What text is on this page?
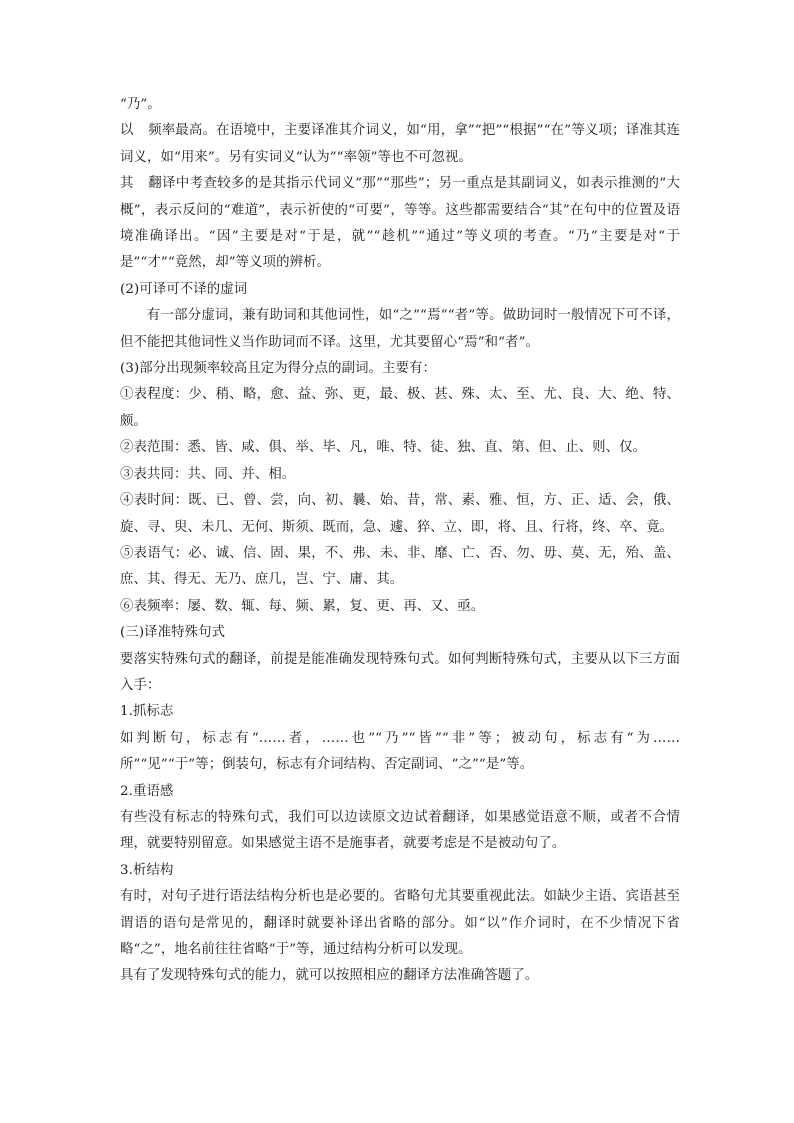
“乃”。

以 频率最高。在语境中，主要译准其介词义，如“用，拿”“把”“根据”“在”等义项；译准其连词义，如“用来”。另有实词义“认为”“率领”等也不可忽视。

其 翻译中考查较多的是其指示代词义“那”“那些”；另一重点是其副词义，如表示推测的“大概”，表示反问的“难道”，表示祈使的“可要”，等等。这些都需要结合“其”在句中的位置及语境准确译出。“因”主要是对“于是，就”“趁机”“通过”等义项的考查。“乃”主要是对“于是”“才”“竟然，却”等义项的辨析。

(2)可译可不译的虚词

有一部分虚词，兼有助词和其他词性，如“之”“焉”“者”等。做助词时一般情况下可不译，但不能把其他词性义当作助词而不译。这里，尤其要留心“焉”和“者”。

(3)部分出现频率较高且定为得分点的副词。主要有：

①表程度：少、稍、略，愈、益、弥、更，最、极、甚、殊、太、至、尤、良、大、绝、特、颇。

②表范围：悉、皆、咸、俱、举、毕、凡，唯、特、徒、独、直、第、但、止、则、仅。

③表共同：共、同、并、相。

④表时间：既、已、曾、尝，向、初、曩、始、昔，常、素、雅、恒，方、正、适、会，俄、旋、寻、臾、未几、无何、斯须、既而，急、遽、猝、立、即，将、且、行将，终、卒、竟。

⑤表语气：必、诚、信、固、果，不、弗、未、非、靡、亡、否、勿、毋、莫、无，殆、盖、庶、其、得无、无乃、庶几，岂、宁、庸、其。

⑥表频率：屡、数、辄、每、频、累，复、更、再、又、亟。

(三)译准特殊句式

要落实特殊句式的翻译，前提是能准确发现特殊句式。如何判断特殊句式，主要从以下三方面入手：

1.抓标志

如判断句，标志有“……者，……也”“乃”“皆”“非”等；被动句，标志有“为……所”“见”“于”等；倒装句，标志有介词结构、否定副词、“之”“是”等。

2.重语感

有些没有标志的特殊句式，我们可以边读原文边试着翻译，如果感觉语意不顺，或者不合情理，就要特别留意。如果感觉主语不是施事者，就要考虑是不是被动句了。

3.析结构

有时，对句子进行语法结构分析也是必要的。省略句尤其要重视此法。如缺少主语、宾语甚至谓语的语句是常见的，翻译时就要补译出省略的部分。如“以”作介词时，在不少情况下省略“之”，地名前往往省略“于”等，通过结构分析可以发现。

具有了发现特殊句式的能力，就可以按照相应的翻译方法准确答题了。
